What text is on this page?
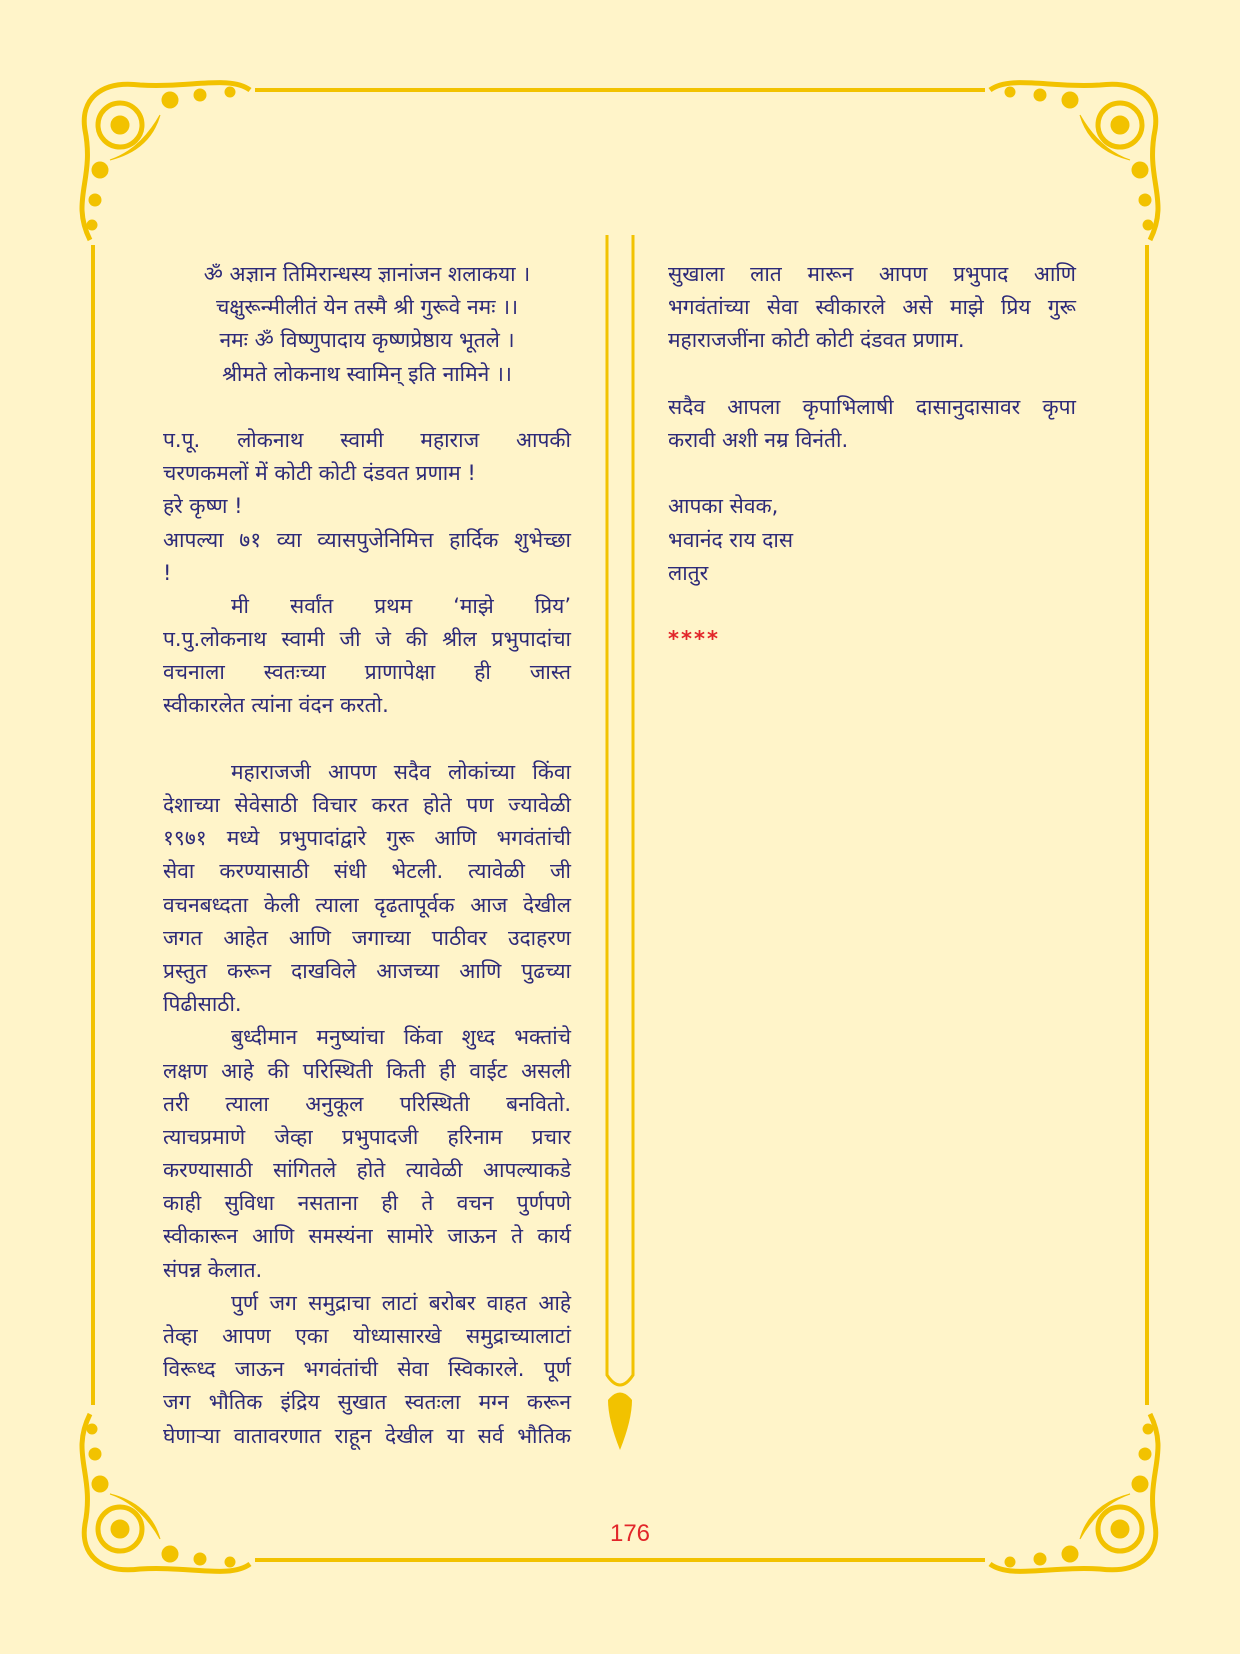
ॐ अज्ञान तिमिरान्धस्य ज्ञानांजन शलाकया ।
चक्षुरून्मीलीतं येन तस्मै श्री गुरूवे नमः ।।
नमः ॐ विष्णुपादाय कृष्णप्रेष्ठाय भूतले ।
श्रीमते लोकनाथ स्वामिन् इति नामिने ।।
प.पू. लोकनाथ स्वामी महाराज आपकी
चरणकमलों में कोटी कोटी दंडवत प्रणाम !
हरे कृष्ण !
आपल्या ७१ व्या व्यासपुजेनिमित्त हार्दिक शुभेच्छा
!
मी सर्वांत प्रथम ‘माझे प्रिय’
प.पु.लोकनाथ स्वामी जी जे की श्रील प्रभुपादांचा
वचनाला स्वतःच्या प्राणापेक्षा ही जास्त
स्वीकारलेत त्यांना वंदन करतो.
महाराजजी आपण सदैव लोकांच्या किंवा
देशाच्या सेवेसाठी विचार करत होते पण ज्यावेळी
१९७१ मध्ये प्रभुपादांद्वारे गुरू आणि भगवंतांची
सेवा करण्यासाठी संधी भेटली. त्यावेळी जी
वचनबध्दता केली त्याला दृढतापूर्वक आज देखील
जगत आहेत आणि जगाच्या पाठीवर उदाहरण
प्रस्तुत करून दाखविले आजच्या आणि पुढच्या
पिढीसाठी.
बुध्दीमान मनुष्यांचा किंवा शुध्द भक्तांचे
लक्षण आहे की परिस्थिती किती ही वाईट असली
तरी त्याला अनुकूल परिस्थिती बनवितो.
त्याचप्रमाणे जेव्हा प्रभुपादजी हरिनाम प्रचार
करण्यासाठी सांगितले होते त्यावेळी आपल्याकडे
काही सुविधा नसताना ही ते वचन पुर्णपणे
स्वीकारून आणि समस्यंना सामोरे जाऊन ते कार्य
संपन्न केलात.
पुर्ण जग समुद्राचा लाटां बरोबर वाहत आहे
तेव्हा आपण एका योध्यासारखे समुद्राच्यालाटां
विरूध्द जाऊन भगवंतांची सेवा स्विकारले. पूर्ण
जग भौतिक इंद्रिय सुखात स्वतःला मग्न करून
घेणाऱ्या वातावरणात राहून देखील या सर्व भौतिक
सुखाला लात मारून आपण प्रभुपाद आणि
भगवंतांच्या सेवा स्वीकारले असे माझे प्रिय गुरू
महाराजजींना कोटी कोटी दंडवत प्रणाम.
सदैव आपला कृपाभिलाषी दासानुदासावर कृपा
करावी अशी नम्र विनंती.
आपका सेवक,
भवानंद राय दास
लातुर
****
176
